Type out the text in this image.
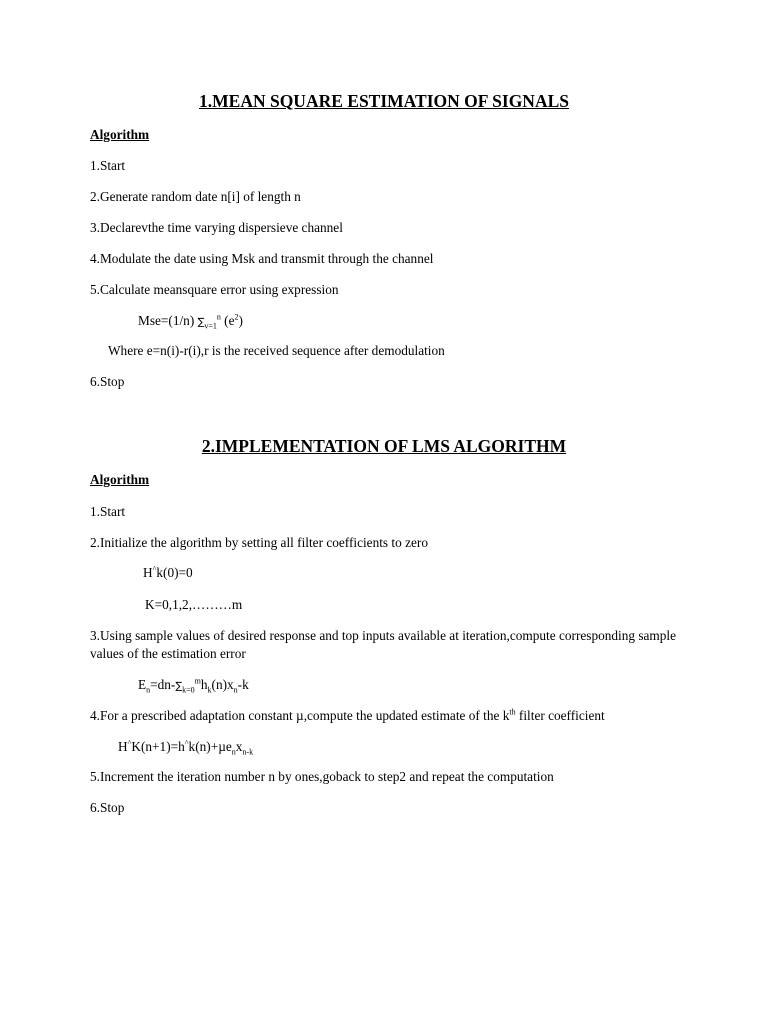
1.MEAN SQUARE ESTIMATION OF SIGNALS
Algorithm
1.Start
2.Generate random date n[i] of length n
3.Declarevthe time varying dispersieve channel
4.Modulate the date using Msk and transmit through the channel
5.Calculate meansquare error using expression
Mse=(1/n) $\sum_{v=1}^n$ $(e^2)$
Where e=n(i)-r(i),r is the received sequence after demodulation
6.Stop
2.IMPLEMENTATION OF LMS ALGORITHM
Algorithm
1.Start
2.Initialize the algorithm by setting all filter coefficients to zero
H^k(0)=0
K=0,1,2,………m
3.Using sample values of desired response and top inputs available at iteration,compute corresponding sample values of the estimation error
$E_n=dn-\sum_{k=0}^mh_k(n)x_n-k$
4.For a prescribed adaptation constant µ,compute the updated estimate of the $k^{th}$ filter coefficient
$H^{\^{}}K(n+1)=h^{\^{}}k(n)+\mu e_nx_{n-k}$
5.Increment the iteration number n by ones,goback to step2 and repeat the computation
6.Stop
